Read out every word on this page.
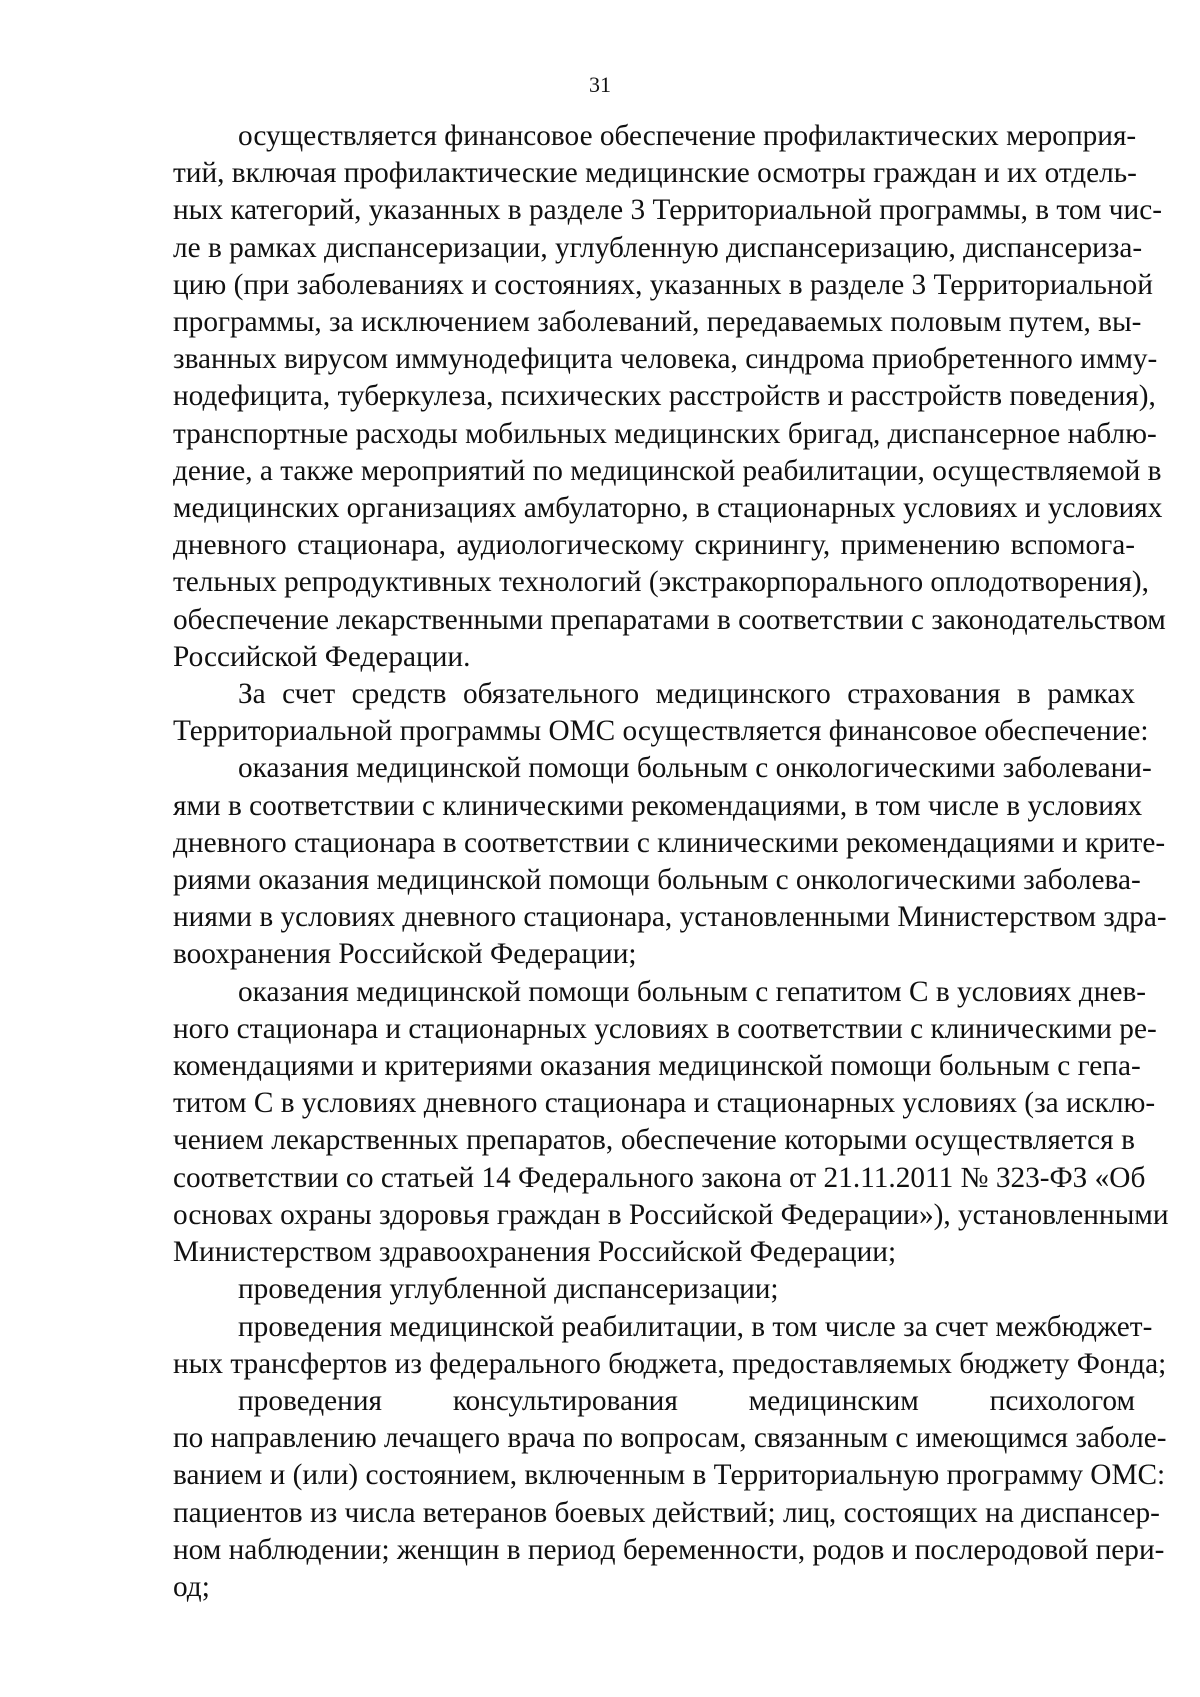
31
осуществляется финансовое обеспечение профилактических мероприя-
тий, включая профилактические медицинские осмотры граждан и их отдель-
ных категорий, указанных в разделе 3 Территориальной программы, в том чис-
ле в рамках диспансеризации, углубленную диспансеризацию, диспансериза-
цию (при заболеваниях и состояниях, указанных в разделе 3 Территориальной
программы, за исключением заболеваний, передаваемых половым путем, вы-
званных вирусом иммунодефицита человека, синдрома приобретенного имму-
нодефицита, туберкулеза, психических расстройств и расстройств поведения),
транспортные расходы мобильных медицинских бригад, диспансерное наблю-
дение, а также мероприятий по медицинской реабилитации, осуществляемой в
медицинских организациях амбулаторно, в стационарных условиях и условиях
дневного стационара, аудиологическому скринингу, применению вспомога-
тельных репродуктивных технологий (экстракорпорального оплодотворения),
обеспечение лекарственными препаратами в соответствии с законодательством
Российской Федерации.
За счет средств обязательного медицинского страхования в рамках
Территориальной программы ОМС осуществляется финансовое обеспечение:
оказания медицинской помощи больным с онкологическими заболевани-
ями в соответствии с клиническими рекомендациями, в том числе в условиях
дневного стационара в соответствии с клиническими рекомендациями и крите-
риями оказания медицинской помощи больным с онкологическими заболева-
ниями в условиях дневного стационара, установленными Министерством здра-
воохранения Российской Федерации;
оказания медицинской помощи больным с гепатитом С в условиях днев-
ного стационара и стационарных условиях в соответствии с клиническими ре-
комендациями и критериями оказания медицинской помощи больным с гепа-
титом С в условиях дневного стационара и стационарных условиях (за исклю-
чением лекарственных препаратов, обеспечение которыми осуществляется в
соответствии со статьей 14 Федерального закона от 21.11.2011 № 323-ФЗ «Об
основах охраны здоровья граждан в Российской Федерации»), установленными
Министерством здравоохранения Российской Федерации;
проведения углубленной диспансеризации;
проведения медицинской реабилитации, в том числе за счет межбюджет-
ных трансфертов из федерального бюджета, предоставляемых бюджету Фонда;
проведения консультирования медицинским психологом
по направлению лечащего врача по вопросам, связанным с имеющимся заболе-
ванием и (или) состоянием, включенным в Территориальную программу ОМС:
пациентов из числа ветеранов боевых действий; лиц, состоящих на диспансер-
ном наблюдении; женщин в период беременности, родов и послеродовой пери-
од;
